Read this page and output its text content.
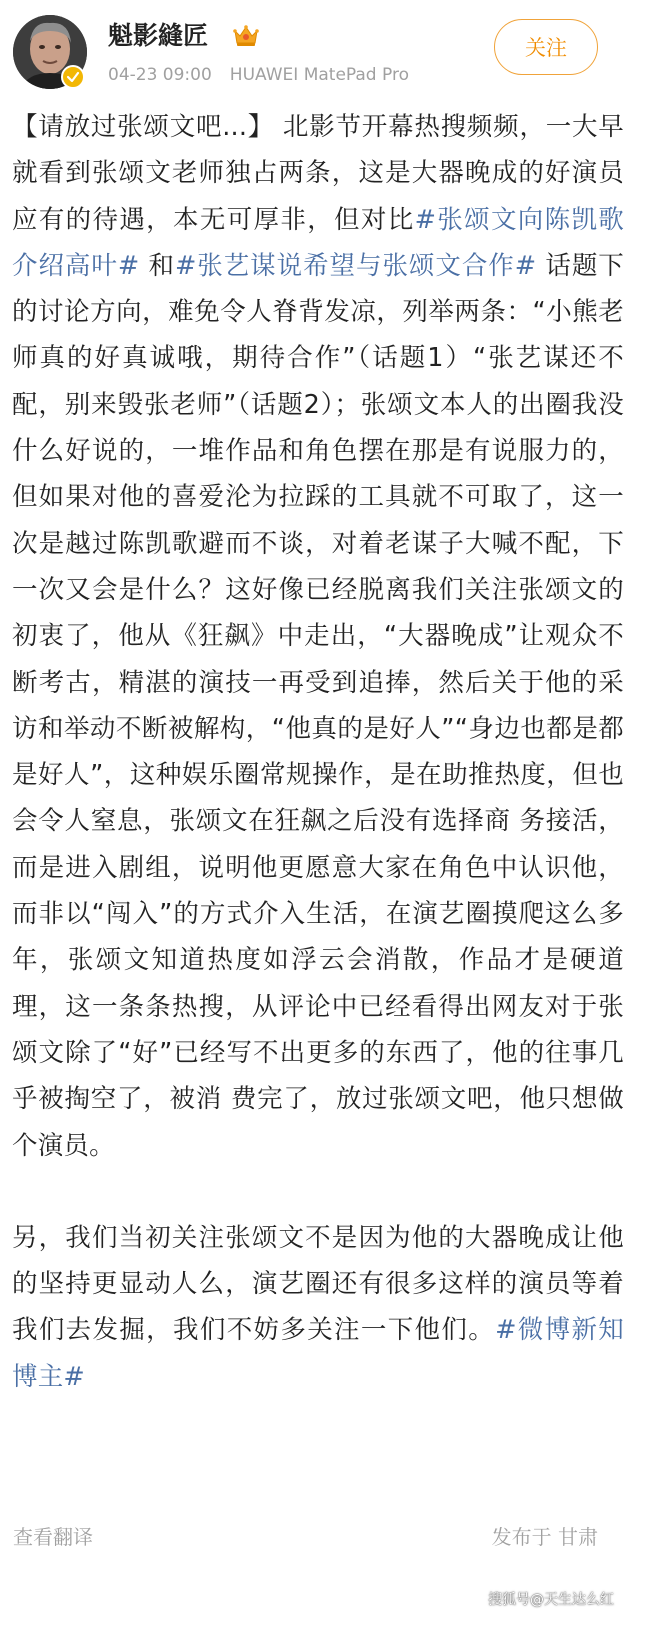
魁影縫匠
04-23 09:00 HUAWEI MatePad Pro
关注

【请放过张颂文吧...】 北影节开幕热搜频频，一大早就看到张颂文老师独占两条，这是大器晚成的好演员应有的待遇，本无可厚非，但对比#张颂文向陈凯歌介绍高叶# 和#张艺谋说希望与张颂文合作# 话题下的讨论方向，难免令人脊背发凉，列举两条：“小熊老师真的好真诚哦，期待合作”（话题1）“张艺谋还不配，别来毁张老师”（话题2）；张颂文本人的出圈我没什么好说的，一堆作品和角色摆在那是有说服力的，但如果对他的喜爱沦为拉踩的工具就不可取了，这一次是越过陈凯歌避而不谈，对着老谋子大喊不配，下一次又会是什么？这好像已经脱离我们关注张颂文的初衷了，他从《狂飙》中走出，“大器晚成”让观众不断考古，精湛的演技一再受到追捧，然后关于他的采访和举动不断被解构，“他真的是好人”“身边也都是都是好人”，这种娱乐圈常规操作，是在助推热度，但也会令人窒息，张颂文在狂飙之后没有选择商 务接活，而是进入剧组，说明他更愿意大家在角色中认识他，而非以“闯入”的方式介入生活，在演艺圈摸爬这么多年，张颂文知道热度如浮云会消散，作品才是硬道理，这一条条热搜，从评论中已经看得出网友对于张颂文除了“好”已经写不出更多的东西了，他的往事几乎被掏空了，被消 费完了，放过张颂文吧，他只想做个演员。

另，我们当初关注张颂文不是因为他的大器晚成让他的坚持更显动人么，演艺圈还有很多这样的演员等着我们去发掘，我们不妨多关注一下他们。#微博新知博主#

查看翻译	发布于 甘肃
搜狐号@天生达么红
